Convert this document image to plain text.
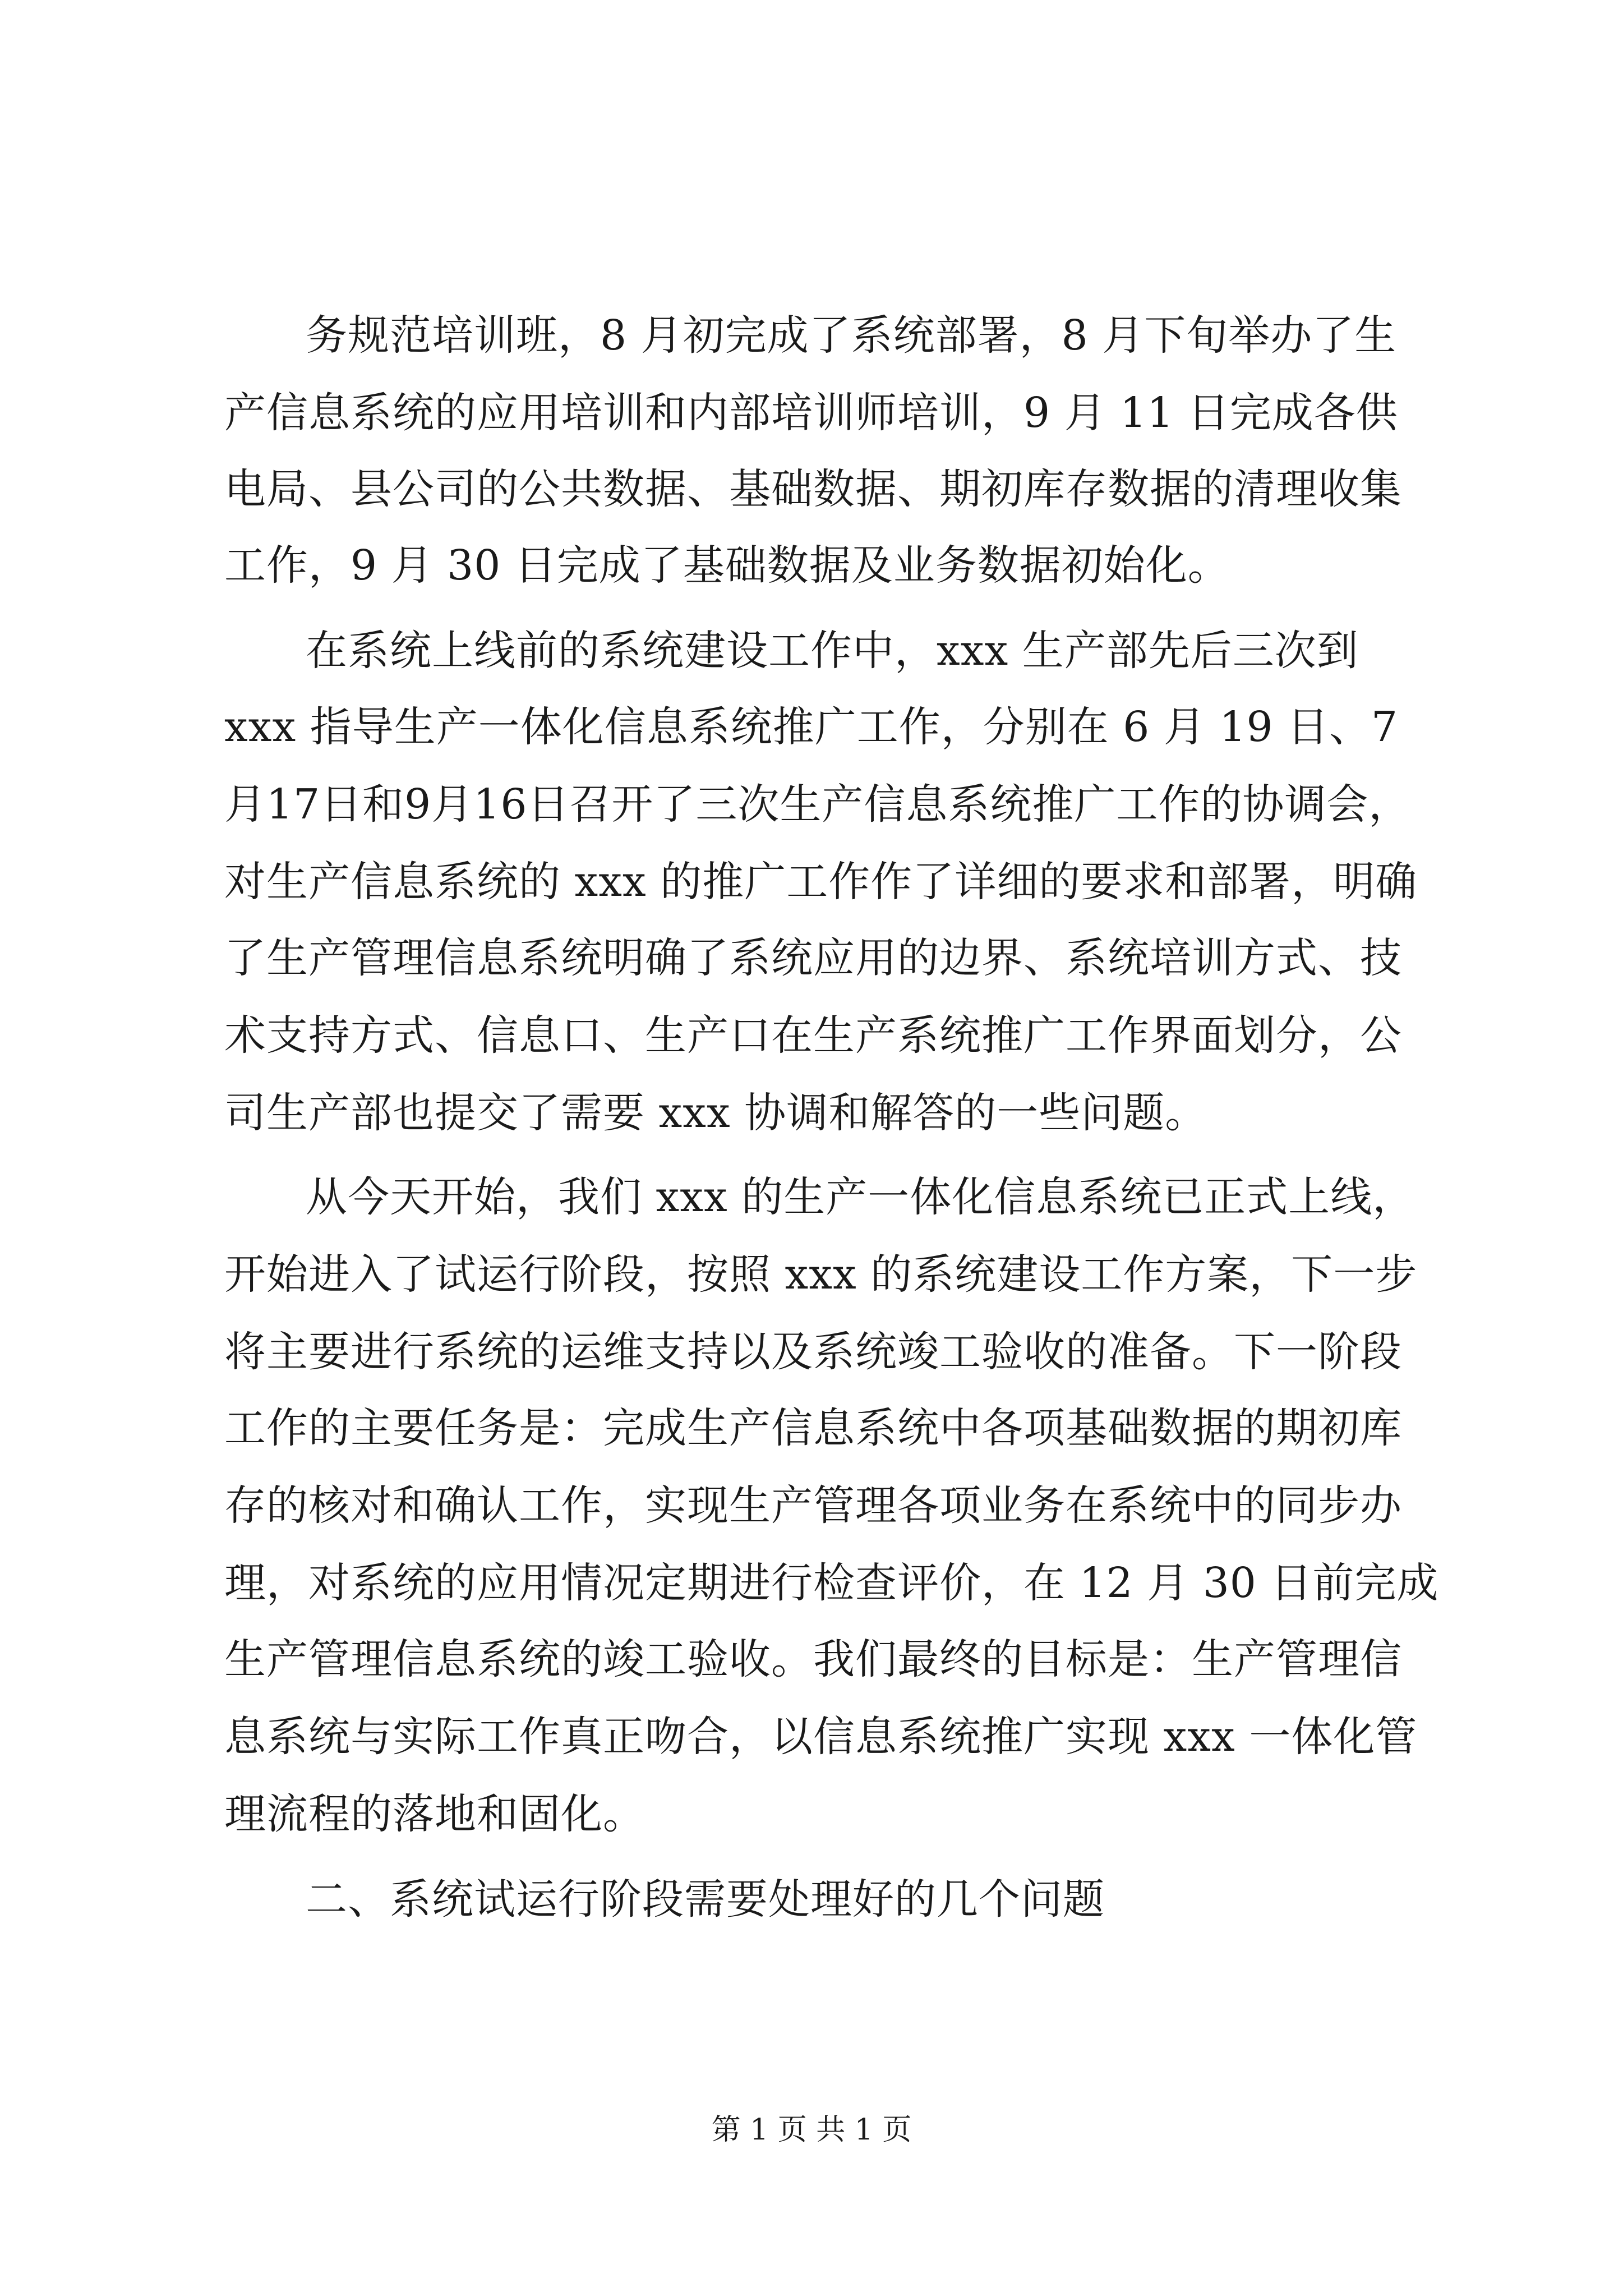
务规范培训班，8 月初完成了系统部署，8 月下旬举办了生
产信息系统的应用培训和内部培训师培训，9 月 11 日完成各供
电局、县公司的公共数据、基础数据、期初库存数据的清理收集
工作，9 月 30 日完成了基础数据及业务数据初始化。
在系统上线前的系统建设工作中，xxx 生产部先后三次到
xxx 指导生产一体化信息系统推广工作，分别在 6 月 19 日、7
月17日和9月16日召开了三次生产信息系统推广工作的协调会，
对生产信息系统的 xxx 的推广工作作了详细的要求和部署，明确
了生产管理信息系统明确了系统应用的边界、系统培训方式、技
术支持方式、信息口、生产口在生产系统推广工作界面划分，公
司生产部也提交了需要 xxx 协调和解答的一些问题。
从今天开始，我们 xxx 的生产一体化信息系统已正式上线，
开始进入了试运行阶段，按照 xxx 的系统建设工作方案，下一步
将主要进行系统的运维支持以及系统竣工验收的准备。下一阶段
工作的主要任务是：完成生产信息系统中各项基础数据的期初库
存的核对和确认工作，实现生产管理各项业务在系统中的同步办
理，对系统的应用情况定期进行检查评价，在 12 月 30 日前完成
生产管理信息系统的竣工验收。我们最终的目标是：生产管理信
息系统与实际工作真正吻合，以信息系统推广实现 xxx 一体化管
理流程的落地和固化。
二、系统试运行阶段需要处理好的几个问题
第 1 页 共 1 页
